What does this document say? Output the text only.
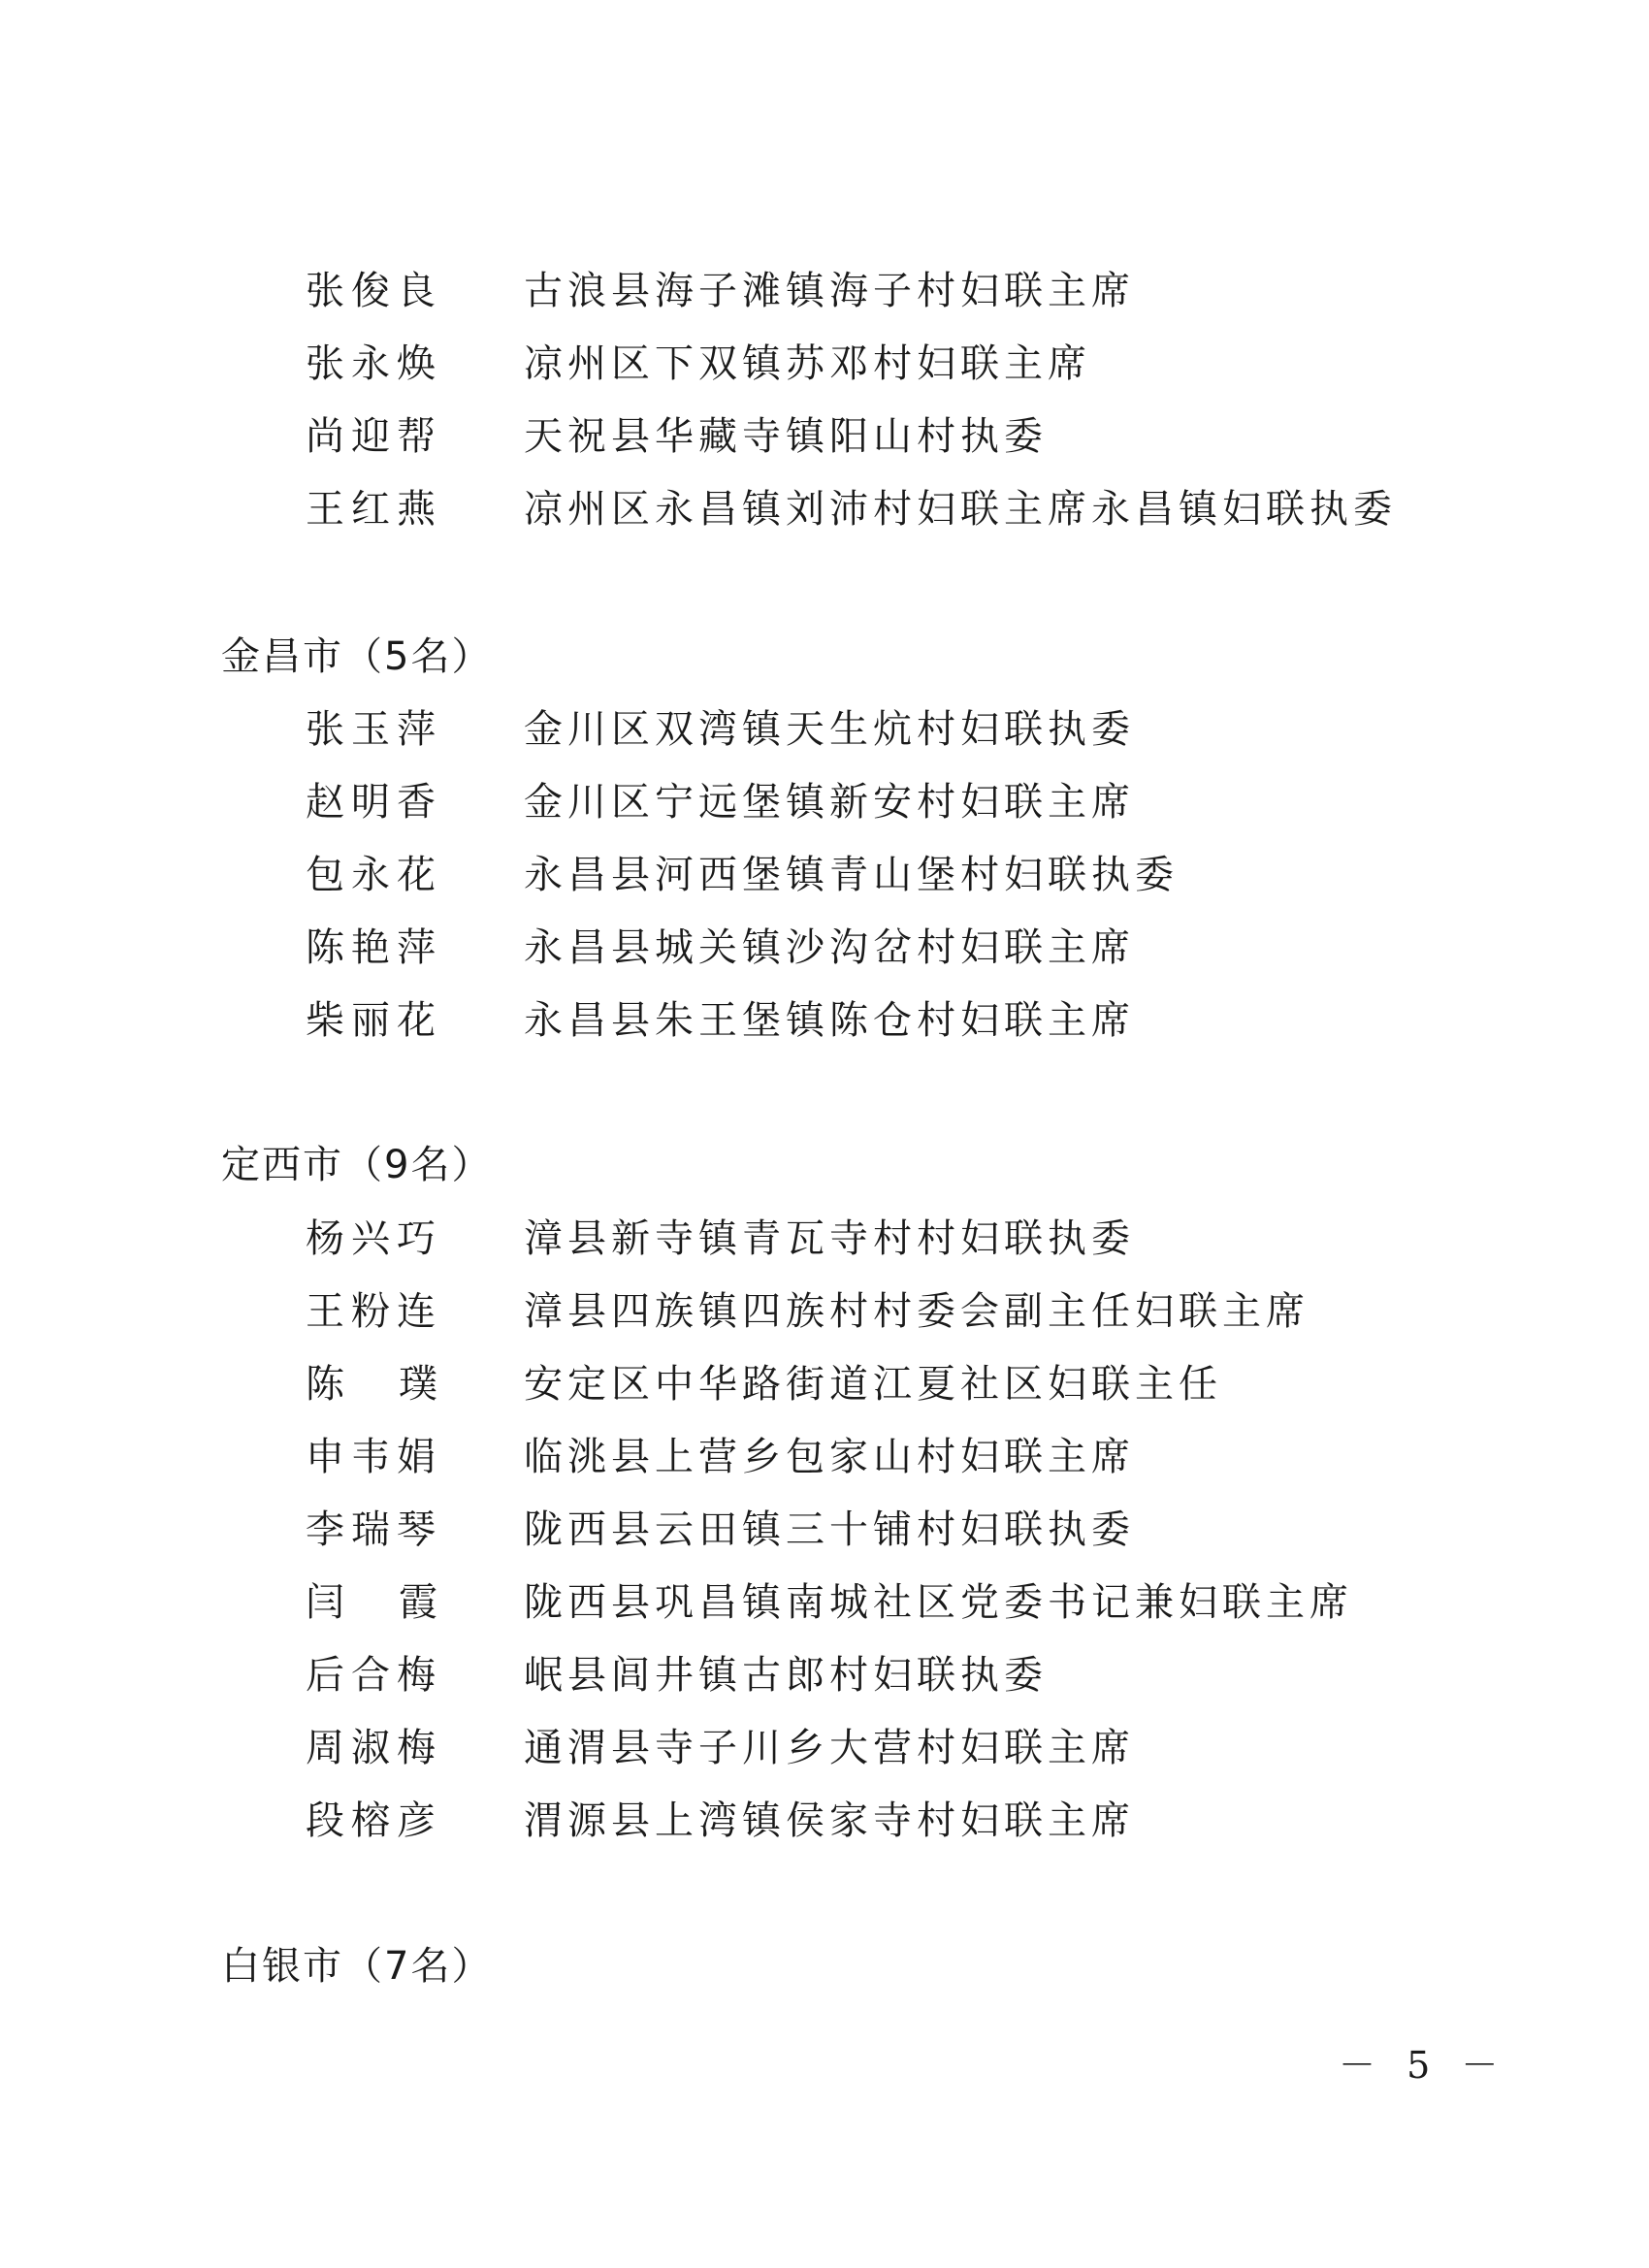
张俊良 古浪县海子滩镇海子村妇联主席
张永焕 凉州区下双镇苏邓村妇联主席
尚迎帮 天祝县华藏寺镇阳山村执委
王红燕 凉州区永昌镇刘沛村妇联主席永昌镇妇联执委
金昌市（5名）
张玉萍 金川区双湾镇天生炕村妇联执委
赵明香 金川区宁远堡镇新安村妇联主席
包永花 永昌县河西堡镇青山堡村妇联执委
陈艳萍 永昌县城关镇沙沟岔村妇联主席
柴丽花 永昌县朱王堡镇陈仓村妇联主席
定西市（9名）
杨兴巧 漳县新寺镇青瓦寺村村妇联执委
王粉连 漳县四族镇四族村村委会副主任妇联主席
陈璞 安定区中华路街道江夏社区妇联主任
申韦娟 临洮县上营乡包家山村妇联主席
李瑞琴 陇西县云田镇三十铺村妇联执委
闫霞 陇西县巩昌镇南城社区党委书记兼妇联主席
后合梅 岷县闾井镇古郎村妇联执委
周淑梅 通渭县寺子川乡大营村妇联主席
段榕彦 渭源县上湾镇侯家寺村妇联主席
白银市（7名）
－ 5 －
